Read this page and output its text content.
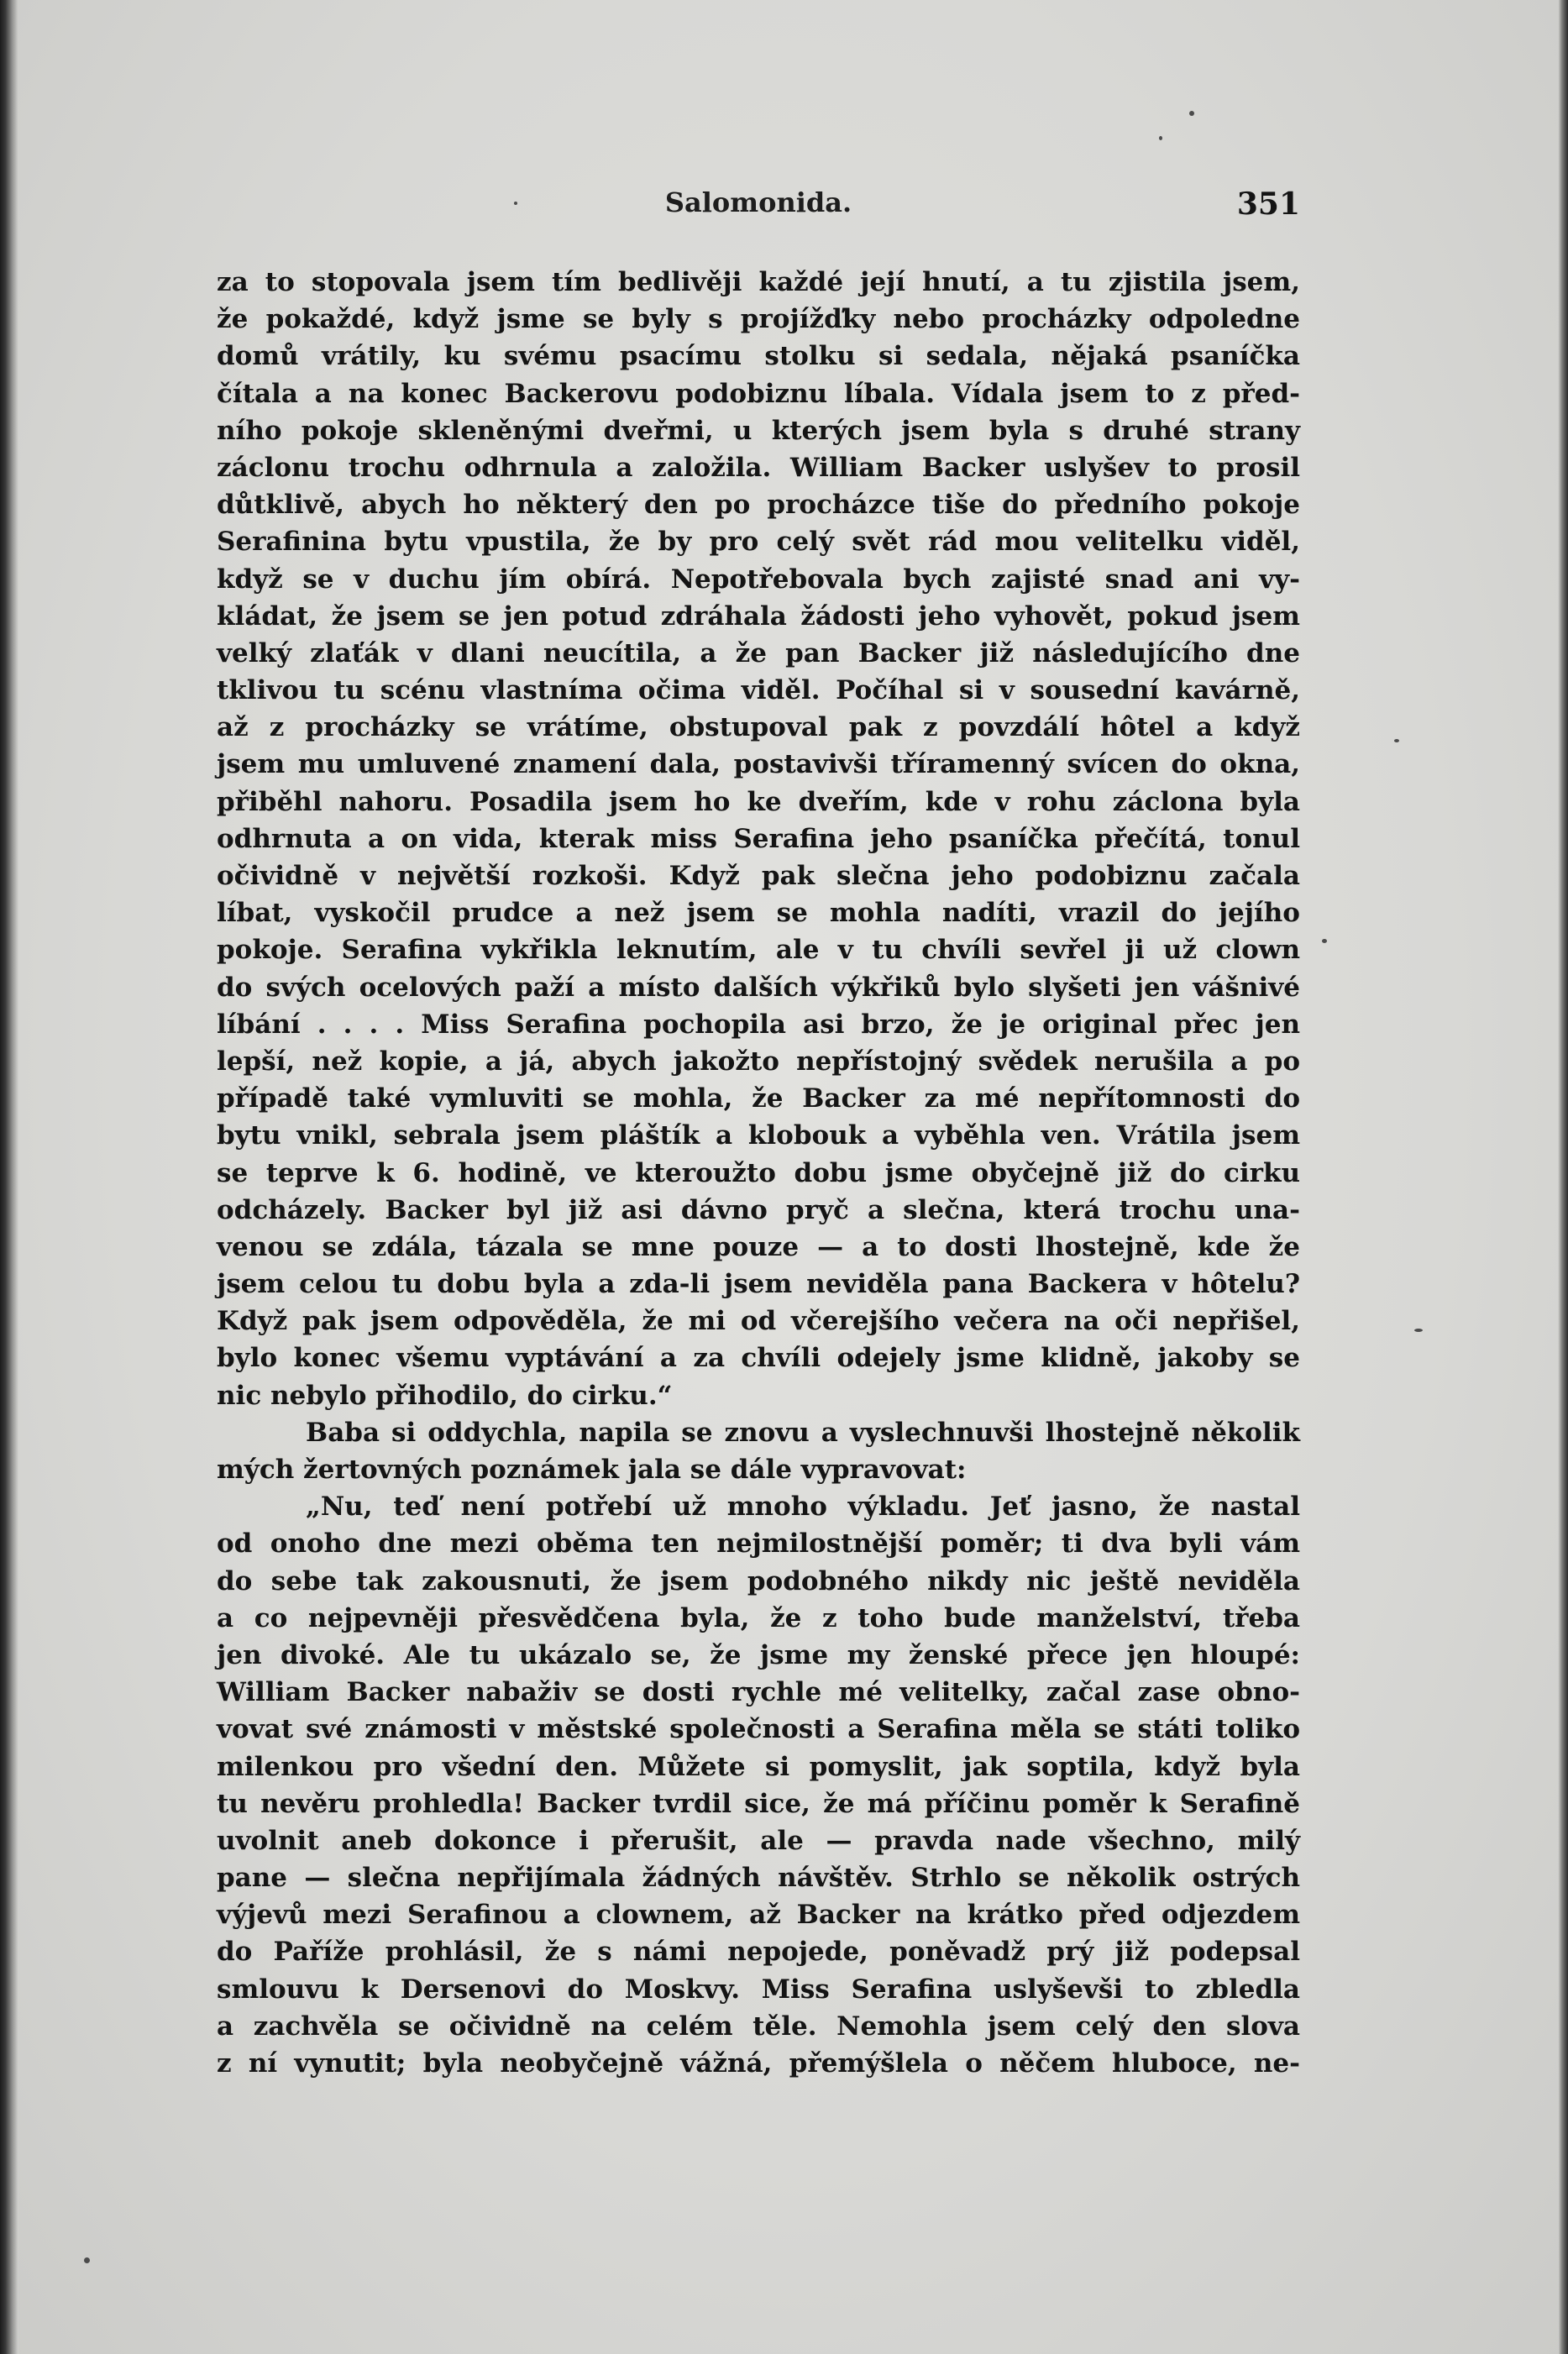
Salomonida.	351
za to stopovala jsem tím bedlivěji každé její hnutí, a tu zjistila jsem,
že pokaždé, když jsme se byly s projížďky nebo procházky odpoledne
domů vrátily, ku svému psacímu stolku si sedala, nějaká psaníčka
čítala a na konec Backerovu podobiznu líbala. Vídala jsem to z před-
ního pokoje skleněnými dveřmi, u kterých jsem byla s druhé strany
záclonu trochu odhrnula a založila. William Backer uslyšev to prosil
důtklivě, abych ho některý den po procházce tiše do předního pokoje
Serafinina bytu vpustila, že by pro celý svět rád mou velitelku viděl,
když se v duchu jím obírá. Nepotřebovala bych zajisté snad ani vy-
kládat, že jsem se jen potud zdráhala žádosti jeho vyhovět, pokud jsem
velký zlaťák v dlani neucítila, a že pan Backer již následujícího dne
tklivou tu scénu vlastníma očima viděl. Počíhal si v sousední kavárně,
až z procházky se vrátíme, obstupoval pak z povzdálí hôtel a když
jsem mu umluvené znamení dala, postavivši tříramenný svícen do okna,
přiběhl nahoru. Posadila jsem ho ke dveřím, kde v rohu záclona byla
odhrnuta a on vida, kterak miss Serafina jeho psaníčka přečítá, tonul
očividně v největší rozkoši. Když pak slečna jeho podobiznu začala
líbat, vyskočil prudce a než jsem se mohla nadíti, vrazil do jejího
pokoje. Serafina vykřikla leknutím, ale v tu chvíli sevřel ji už clown
do svých ocelových paží a místo dalších výkřiků bylo slyšeti jen vášnivé
líbání . . . . Miss Serafina pochopila asi brzo, že je original přec jen
lepší, než kopie, a já, abych jakožto nepřístojný svědek nerušila a po
případě také vymluviti se mohla, že Backer za mé nepřítomnosti do
bytu vnikl, sebrala jsem pláštík a klobouk a vyběhla ven. Vrátila jsem
se teprve k 6. hodině, ve kteroužto dobu jsme obyčejně již do cirku
odcházely. Backer byl již asi dávno pryč a slečna, která trochu una-
venou se zdála, tázala se mne pouze — a to dosti lhostejně, kde že
jsem celou tu dobu byla a zda-li jsem neviděla pana Backera v hôtelu?
Když pak jsem odpověděla, že mi od včerejšího večera na oči nepřišel,
bylo konec všemu vyptávání a za chvíli odejely jsme klidně, jakoby se
nic nebylo přihodilo, do cirku.“
Baba si oddychla, napila se znovu a vyslechnuvši lhostejně několik
mých žertovných poznámek jala se dále vypravovat:
„Nu, teď není potřebí už mnoho výkladu. Jeť jasno, že nastal
od onoho dne mezi oběma ten nejmilostnější poměr; ti dva byli vám
do sebe tak zakousnuti, že jsem podobného nikdy nic ještě neviděla
a co nejpevněji přesvědčena byla, že z toho bude manželství, třeba
jen divoké. Ale tu ukázalo se, že jsme my ženské přece jen hloupé:
William Backer nabaživ se dosti rychle mé velitelky, začal zase obno-
vovat své známosti v městské společnosti a Serafina měla se státi toliko
milenkou pro všední den. Můžete si pomyslit, jak soptila, když byla
tu nevěru prohledla! Backer tvrdil sice, že má příčinu poměr k Serafině
uvolnit aneb dokonce i přerušit, ale — pravda nade všechno, milý
pane — slečna nepřijímala žádných návštěv. Strhlo se několik ostrých
výjevů mezi Serafinou a clownem, až Backer na krátko před odjezdem
do Paříže prohlásil, že s námi nepojede, poněvadž prý již podepsal
smlouvu k Dersenovi do Moskvy. Miss Serafina uslyševši to zbledla
a zachvěla se očividně na celém těle. Nemohla jsem celý den slova
z ní vynutit; byla neobyčejně vážná, přemýšlela o něčem hluboce, ne-
